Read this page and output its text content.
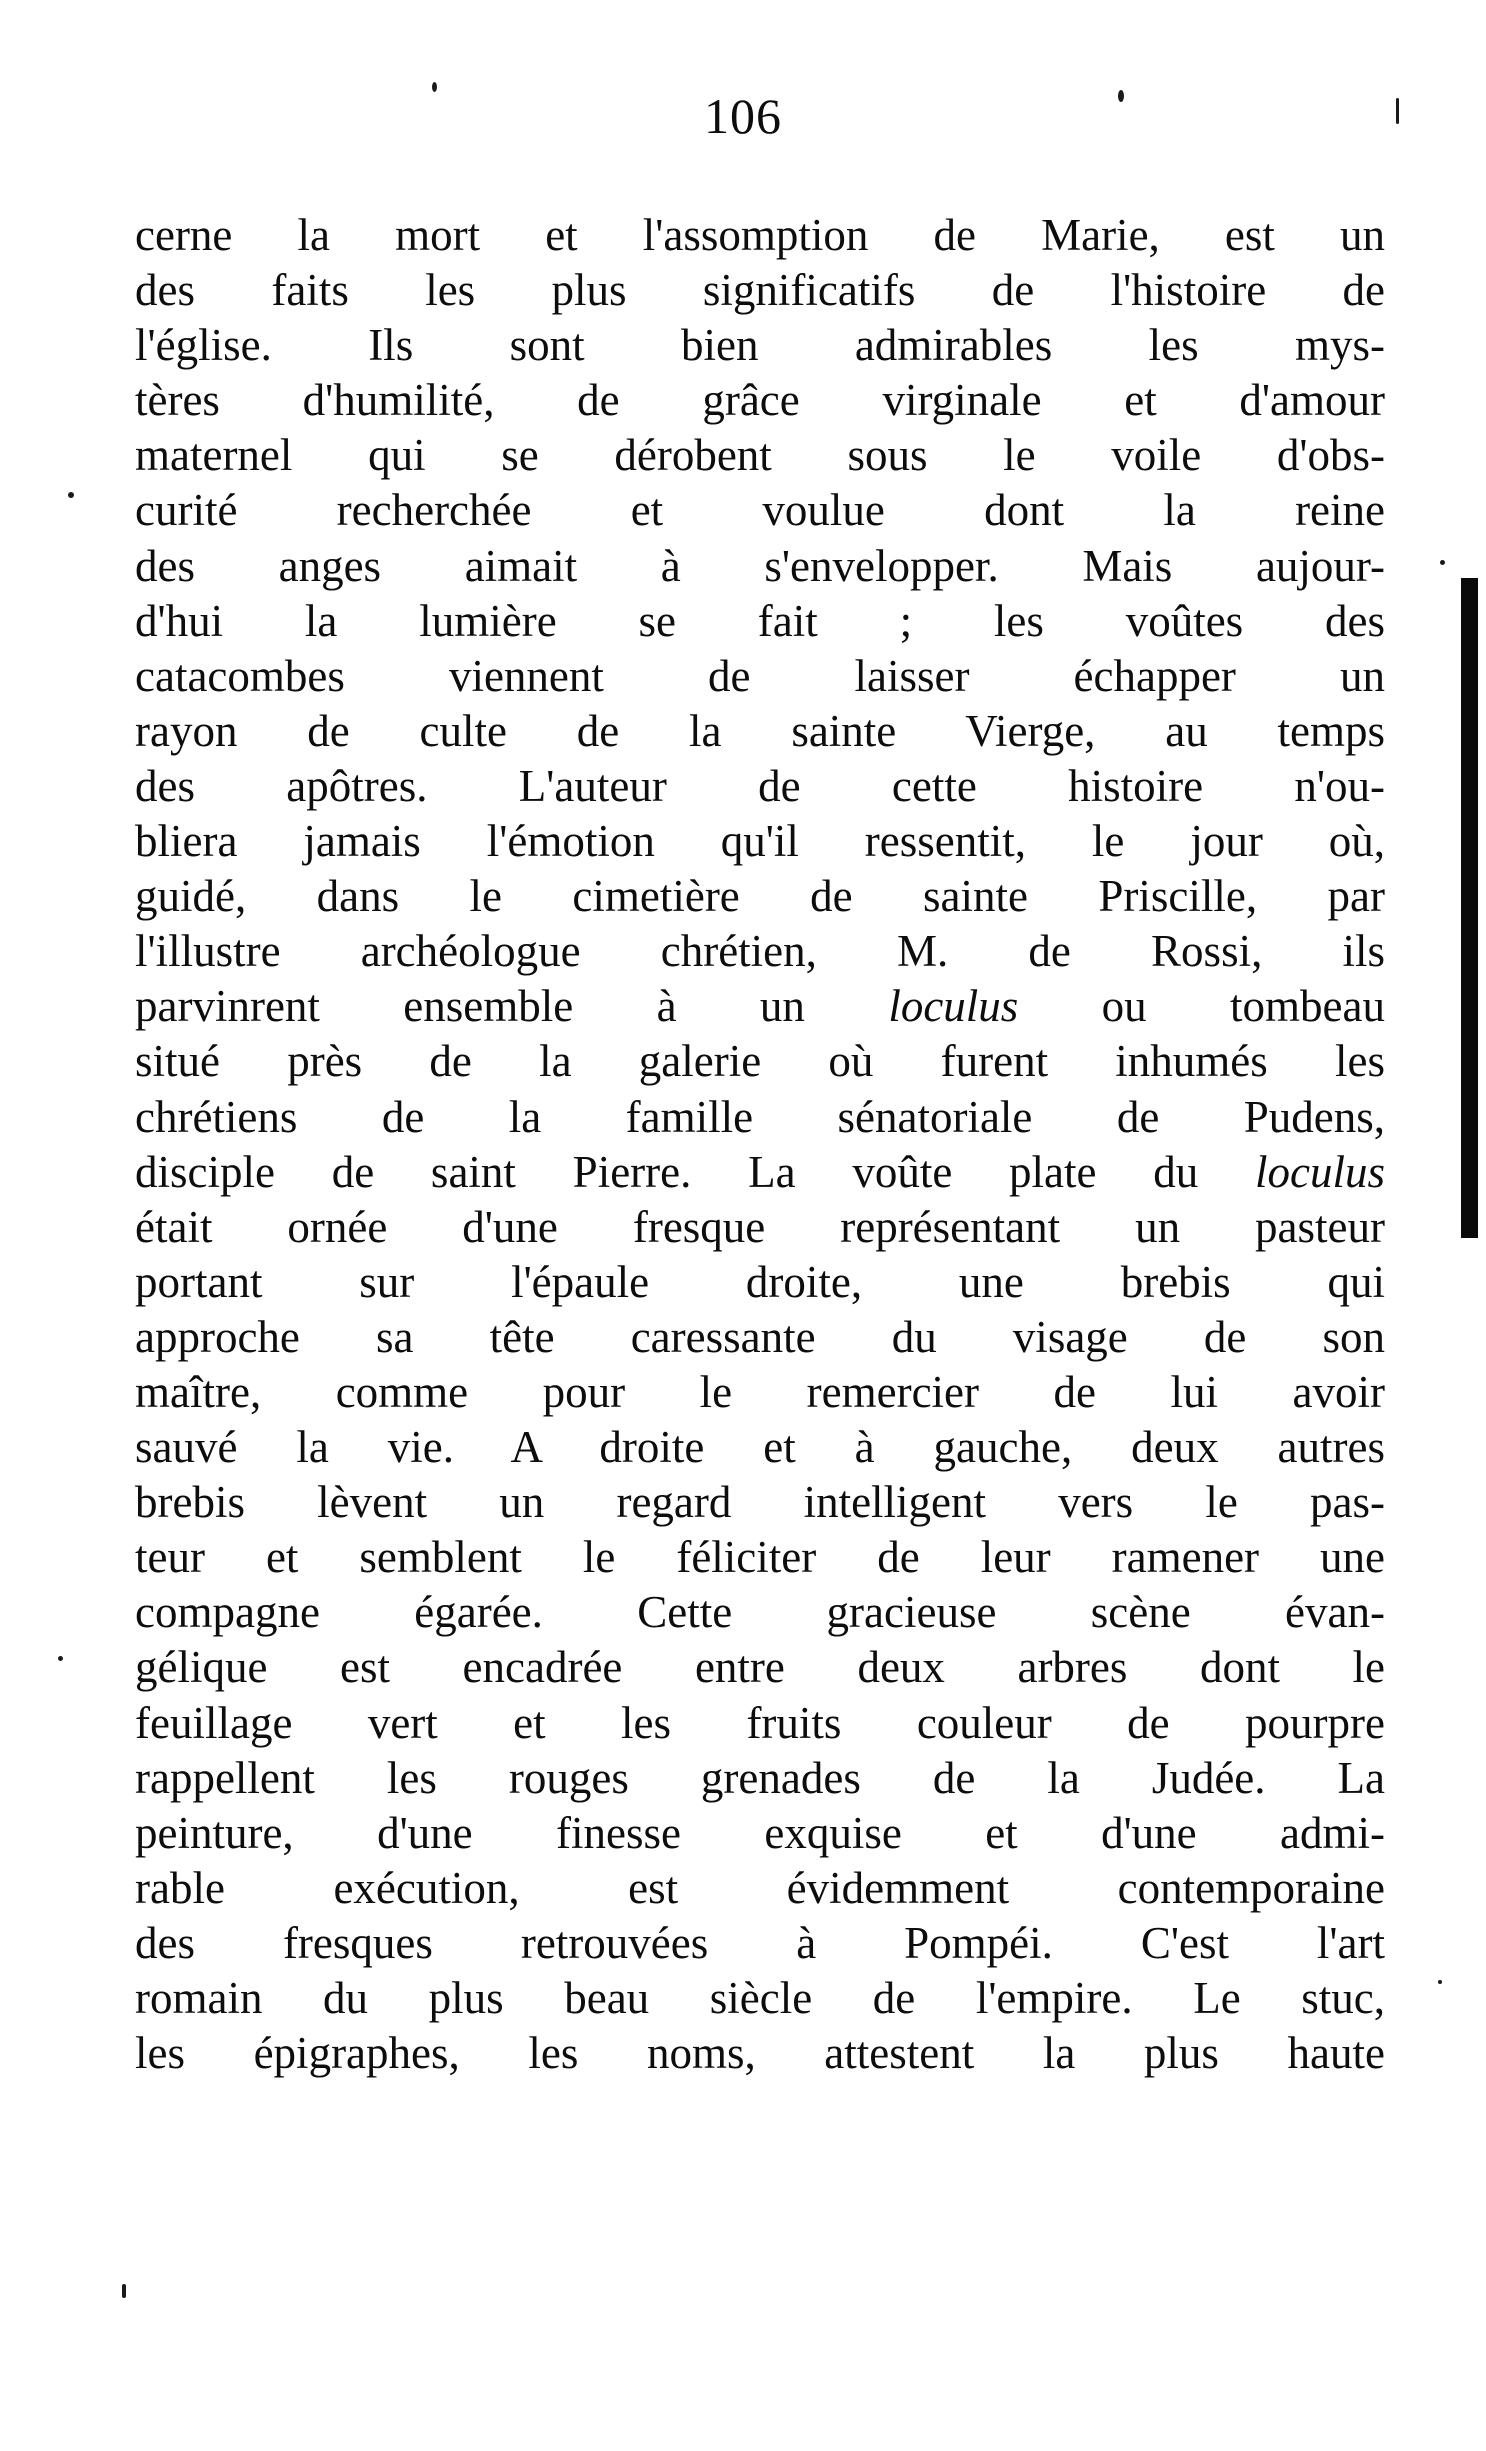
106
cerne la mort et l'assomption de Marie, est un
des faits les plus significatifs de l'histoire de
l'église. Ils sont bien admirables les mys-
tères d'humilité, de grâce virginale et d'amour
maternel qui se dérobent sous le voile d'obs-
curité recherchée et voulue dont la reine
des anges aimait à s'envelopper. Mais aujour-
d'hui la lumière se fait ; les voûtes des
catacombes viennent de laisser échapper un
rayon de culte de la sainte Vierge, au temps
des apôtres. L'auteur de cette histoire n'ou-
bliera jamais l'émotion qu'il ressentit, le jour où,
guidé, dans le cimetière de sainte Priscille, par
l'illustre archéologue chrétien, M. de Rossi, ils
parvinrent ensemble à un loculus ou tombeau
situé près de la galerie où furent inhumés les
chrétiens de la famille sénatoriale de Pudens,
disciple de saint Pierre. La voûte plate du loculus
était ornée d'une fresque représentant un pasteur
portant sur l'épaule droite, une brebis qui
approche sa tête caressante du visage de son
maître, comme pour le remercier de lui avoir
sauvé la vie. A droite et à gauche, deux autres
brebis lèvent un regard intelligent vers le pas-
teur et semblent le féliciter de leur ramener une
compagne égarée. Cette gracieuse scène évan-
gélique est encadrée entre deux arbres dont le
feuillage vert et les fruits couleur de pourpre
rappellent les rouges grenades de la Judée. La
peinture, d'une finesse exquise et d'une admi-
rable exécution, est évidemment contemporaine
des fresques retrouvées à Pompéi. C'est l'art
romain du plus beau siècle de l'empire. Le stuc,
les épigraphes, les noms, attestent la plus haute
